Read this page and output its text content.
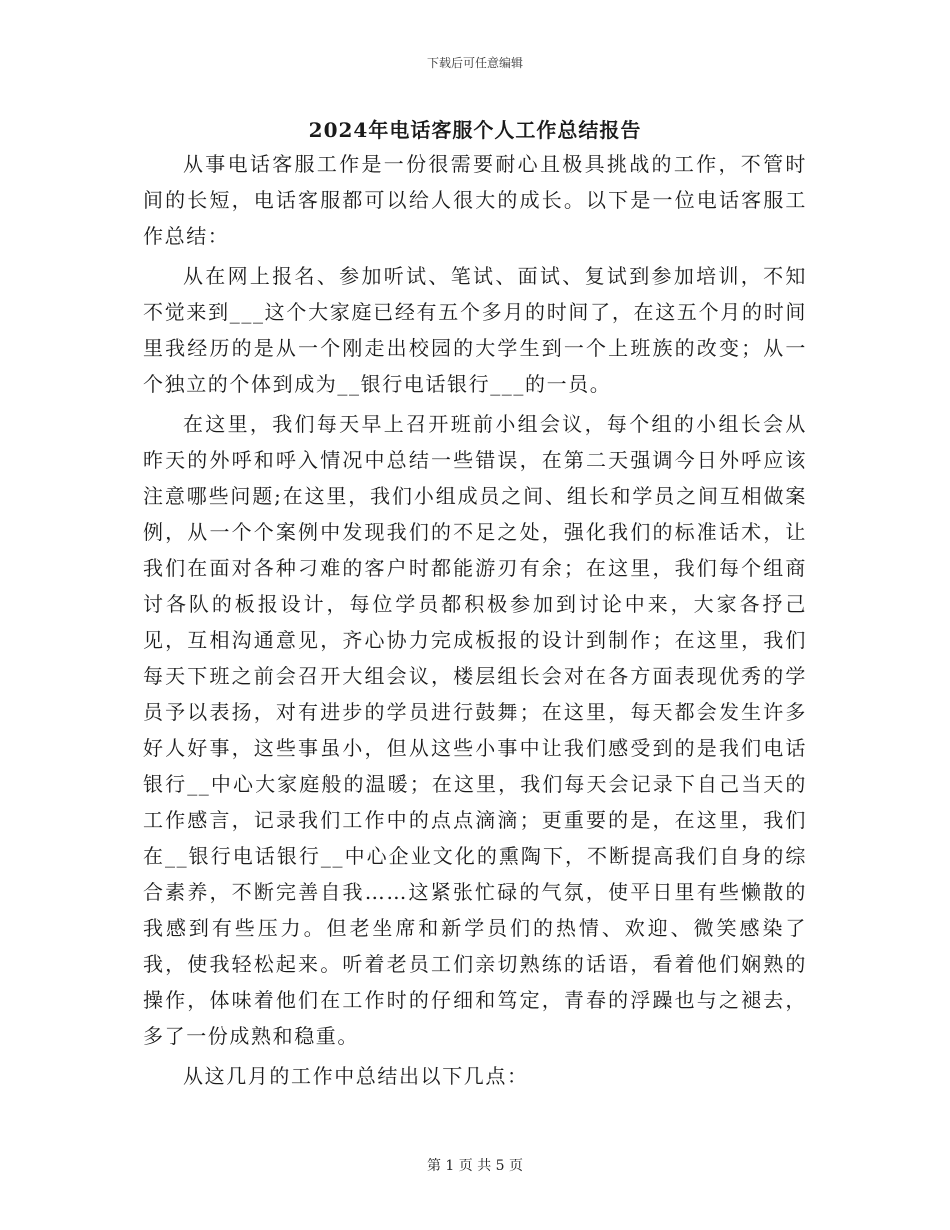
下载后可任意编辑
2024年电话客服个人工作总结报告

从事电话客服工作是一份很需要耐心且极具挑战的工作，不管时间的长短，电话客服都可以给人很大的成长。以下是一位电话客服工作总结：

从在网上报名、参加听试、笔试、面试、复试到参加培训，不知不觉来到___这个大家庭已经有五个多月的时间了，在这五个月的时间里我经历的是从一个刚走出校园的大学生到一个上班族的改变；从一个独立的个体到成为__银行电话银行___的一员。

在这里，我们每天早上召开班前小组会议，每个组的小组长会从昨天的外呼和呼入情况中总结一些错误，在第二天强调今日外呼应该注意哪些问题;在这里，我们小组成员之间、组长和学员之间互相做案例，从一个个案例中发现我们的不足之处，强化我们的标准话术，让我们在面对各种刁难的客户时都能游刃有余；在这里，我们每个组商讨各队的板报设计，每位学员都积极参加到讨论中来，大家各抒己见，互相沟通意见，齐心协力完成板报的设计到制作；在这里，我们每天下班之前会召开大组会议，楼层组长会对在各方面表现优秀的学员予以表扬，对有进步的学员进行鼓舞；在这里，每天都会发生许多好人好事，这些事虽小，但从这些小事中让我们感受到的是我们电话银行__中心大家庭般的温暖；在这里，我们每天会记录下自己当天的工作感言，记录我们工作中的点点滴滴；更重要的是，在这里，我们在__银行电话银行__中心企业文化的熏陶下，不断提高我们自身的综合素养，不断完善自我……这紧张忙碌的气氛，使平日里有些懒散的我感到有些压力。但老坐席和新学员们的热情、欢迎、微笑感染了我，使我轻松起来。听着老员工们亲切熟练的话语，看着他们娴熟的操作，体味着他们在工作时的仔细和笃定，青春的浮躁也与之褪去，多了一份成熟和稳重。

从这几月的工作中总结出以下几点：

第 1 页 共 5 页
